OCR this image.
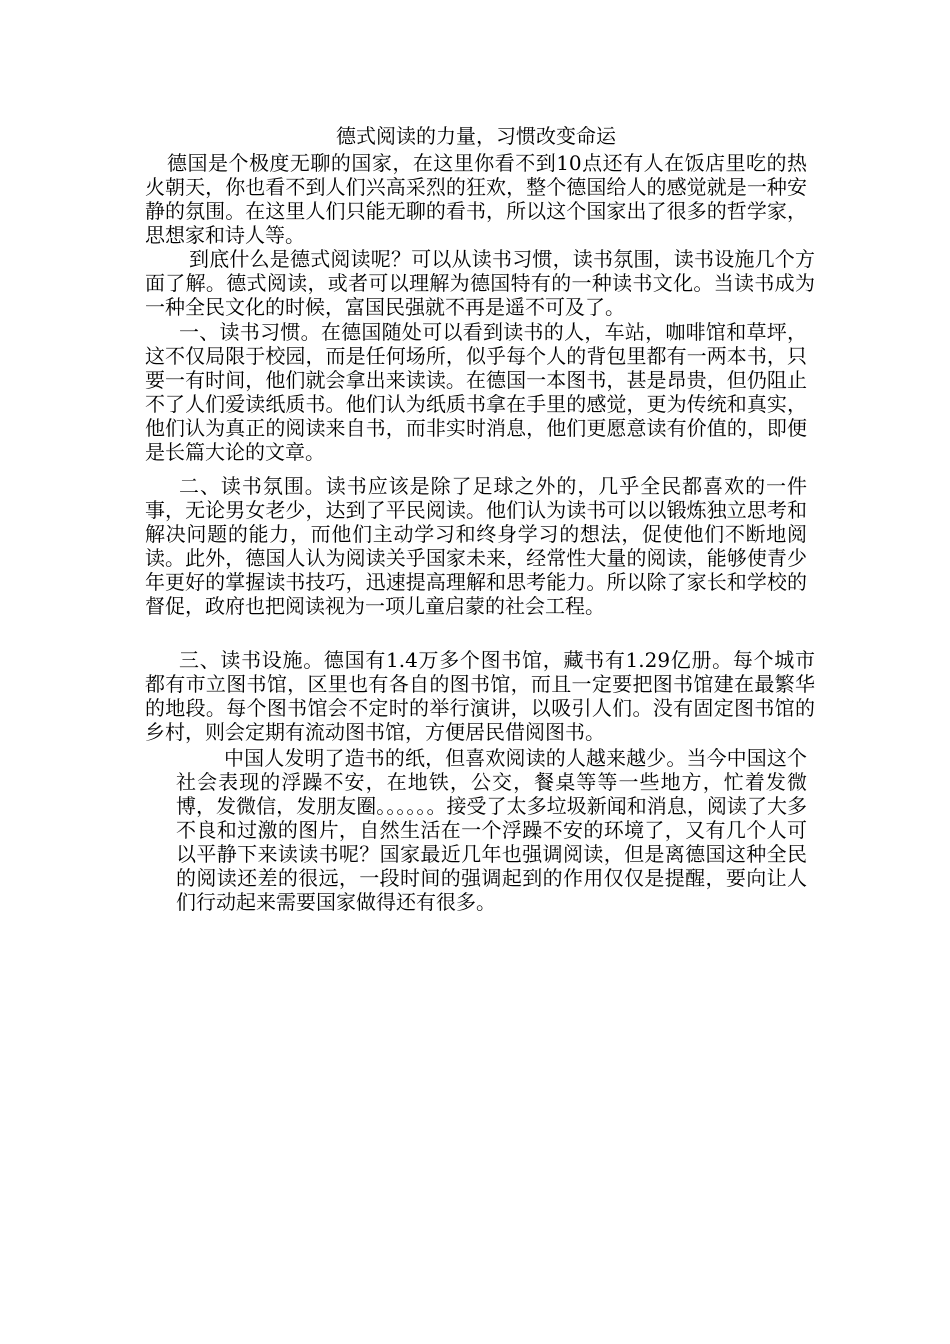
德式阅读的力量，习惯改变命运

德国是个极度无聊的国家，在这里你看不到10点还有人在饭店里吃的热火朝天，你也看不到人们兴高采烈的狂欢，整个德国给人的感觉就是一种安静的氛围。在这里人们只能无聊的看书，所以这个国家出了很多的哲学家，思想家和诗人等。

到底什么是德式阅读呢？可以从读书习惯，读书氛围，读书设施几个方面了解。德式阅读，或者可以理解为德国特有的一种读书文化。当读书成为一种全民文化的时候，富国民强就不再是遥不可及了。

一、读书习惯。在德国随处可以看到读书的人，车站，咖啡馆和草坪，这不仅局限于校园，而是任何场所，似乎每个人的背包里都有一两本书，只要一有时间，他们就会拿出来读读。在德国一本图书，甚是昂贵，但仍阻止不了人们爱读纸质书。他们认为纸质书拿在手里的感觉，更为传统和真实，他们认为真正的阅读来自书，而非实时消息，他们更愿意读有价值的，即便是长篇大论的文章。

二、读书氛围。读书应该是除了足球之外的，几乎全民都喜欢的一件事，无论男女老少，达到了平民阅读。他们认为读书可以以锻炼独立思考和解决问题的能力，而他们主动学习和终身学习的想法，促使他们不断地阅读。此外，德国人认为阅读关乎国家未来，经常性大量的阅读，能够使青少年更好的掌握读书技巧，迅速提高理解和思考能力。所以除了家长和学校的督促，政府也把阅读视为一项儿童启蒙的社会工程。

三、读书设施。德国有1.4万多个图书馆，藏书有1.29亿册。每个城市都有市立图书馆，区里也有各自的图书馆，而且一定要把图书馆建在最繁华的地段。每个图书馆会不定时的举行演讲，以吸引人们。没有固定图书馆的乡村，则会定期有流动图书馆，方便居民借阅图书。

中国人发明了造书的纸，但喜欢阅读的人越来越少。当今中国这个社会表现的浮躁不安，在地铁，公交，餐桌等等一些地方，忙着发微博，发微信，发朋友圈。。。。。。接受了太多垃圾新闻和消息，阅读了大多不良和过激的图片，自然生活在一个浮躁不安的环境了，又有几个人可以平静下来读读书呢？国家最近几年也强调阅读，但是离德国这种全民的阅读还差的很远，一段时间的强调起到的作用仅仅是提醒，要向让人们行动起来需要国家做得还有很多。
